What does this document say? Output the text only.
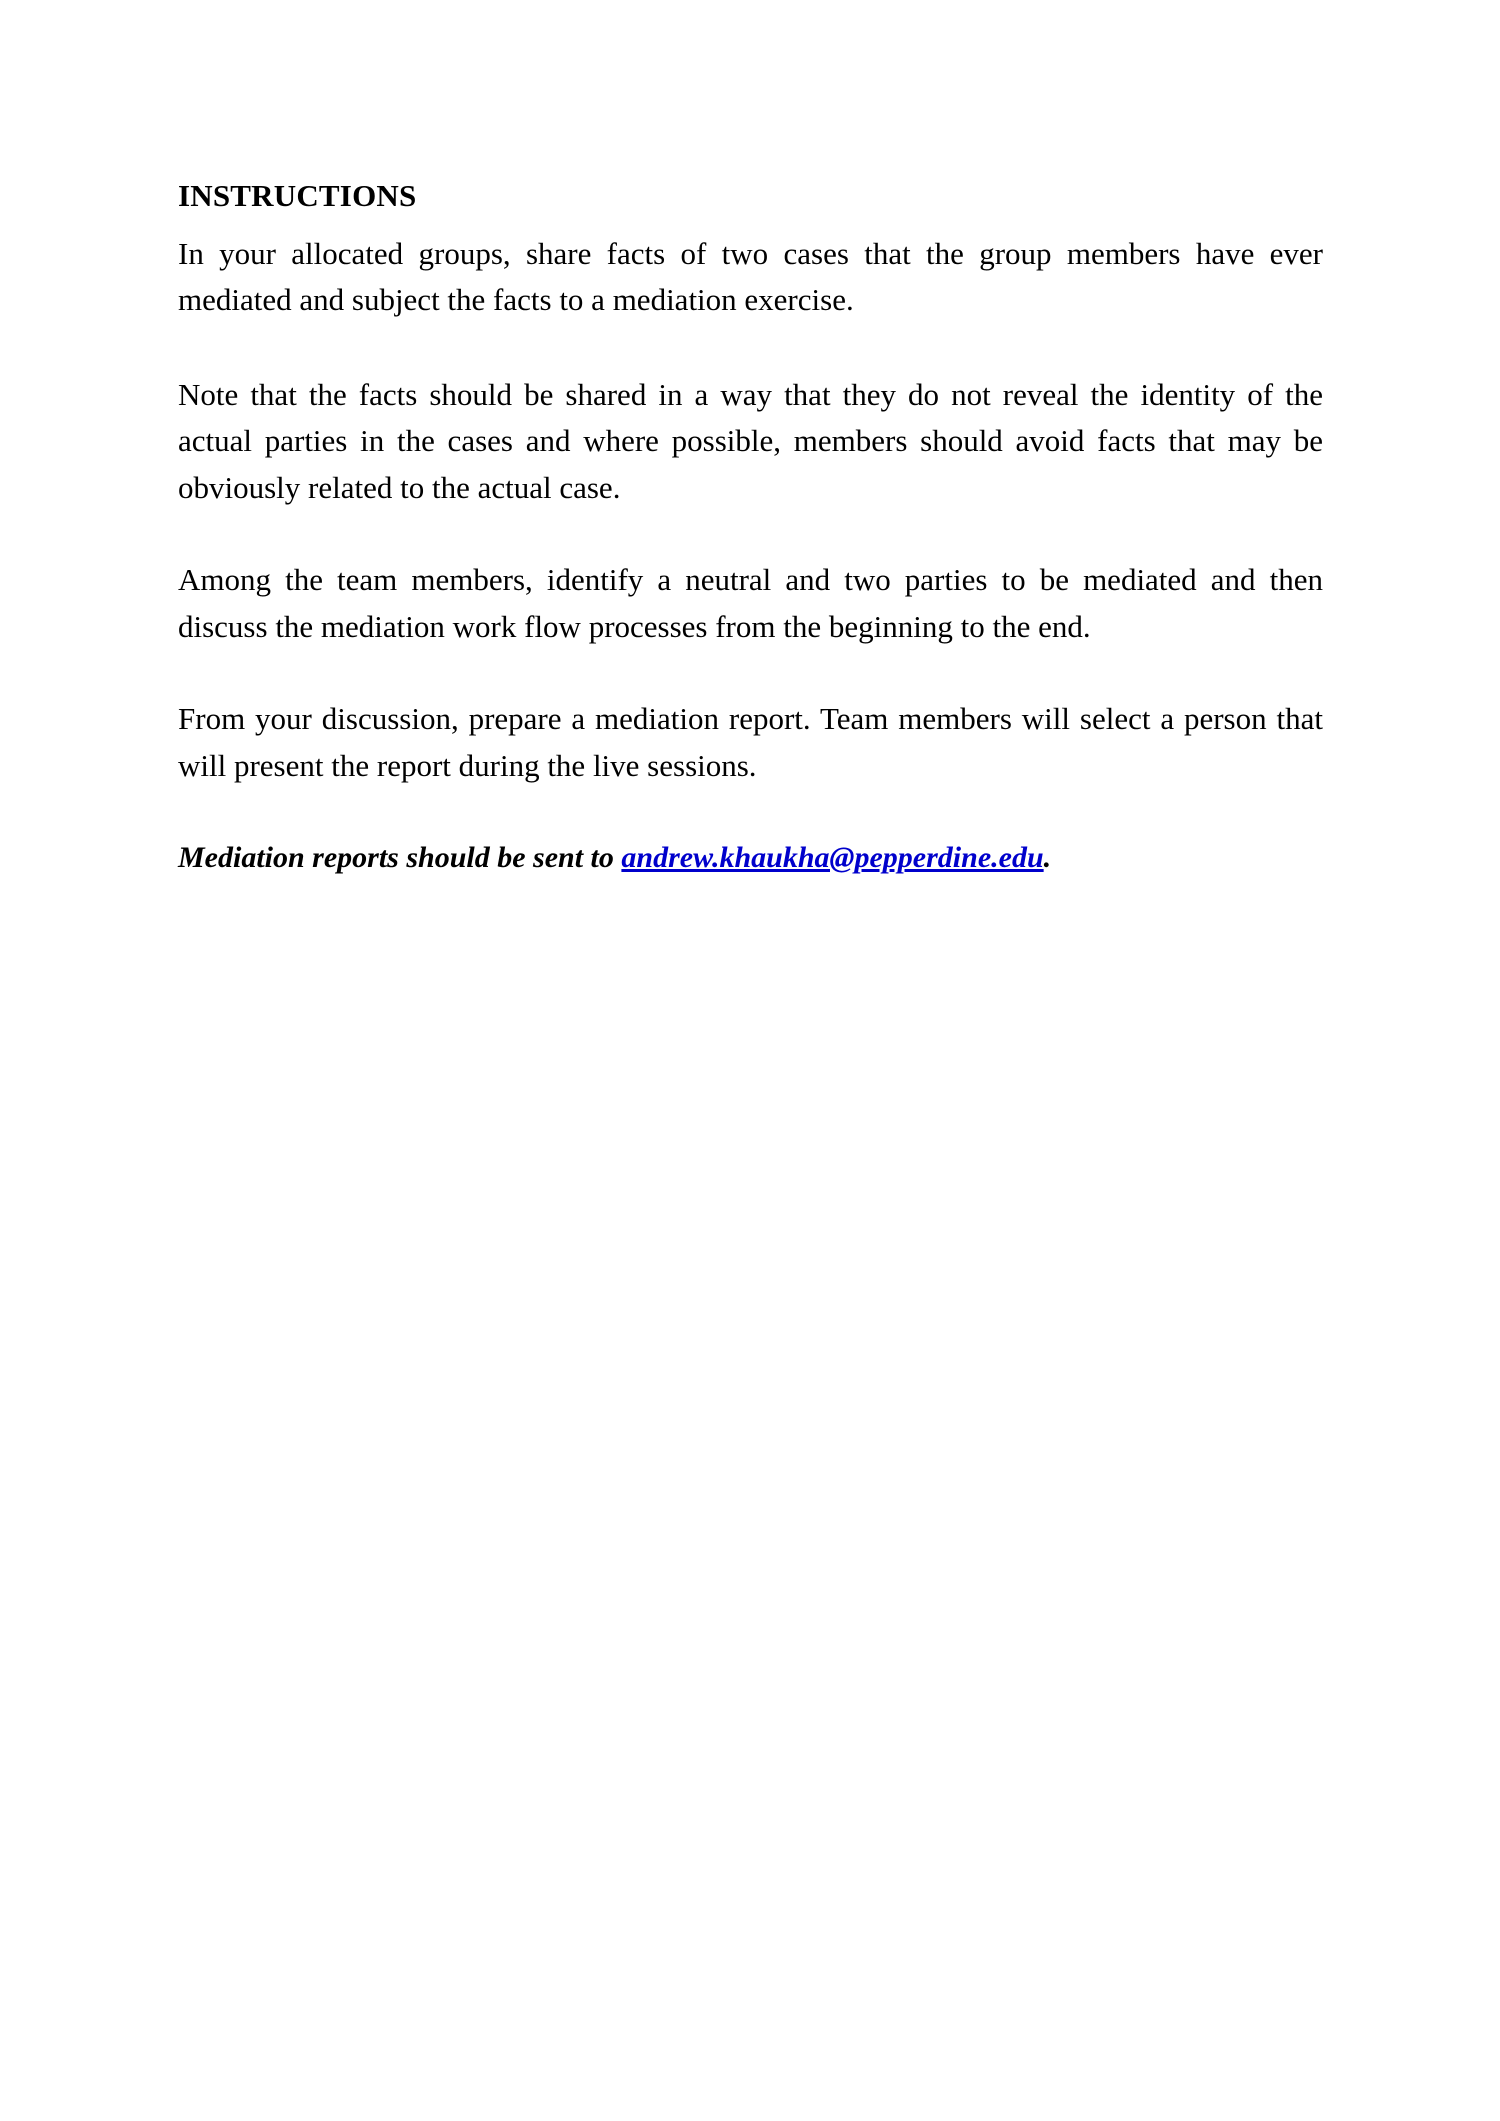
INSTRUCTIONS

In your allocated groups, share facts of two cases that the group members have ever mediated and subject the facts to a mediation exercise.

Note that the facts should be shared in a way that they do not reveal the identity of the actual parties in the cases and where possible, members should avoid facts that may be obviously related to the actual case.

Among the team members, identify a neutral and two parties to be mediated and then discuss the mediation work flow processes from the beginning to the end.

From your discussion, prepare a mediation report. Team members will select a person that will present the report during the live sessions.

Mediation reports should be sent to andrew.khaukha@pepperdine.edu.
